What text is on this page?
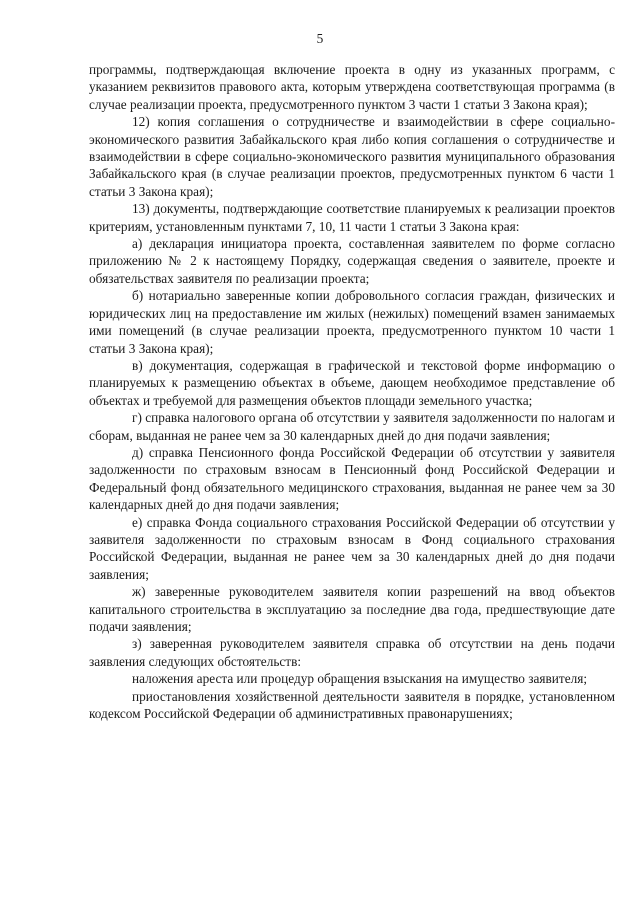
5

программы, подтверждающая включение проекта в одну из указанных программ, с указанием реквизитов правового акта, которым утверждена соответствующая программа (в случае реализации проекта, предусмотренного пунктом 3 части 1 статьи 3 Закона края);

12) копия соглашения о сотрудничестве и взаимодействии в сфере социально-экономического развития Забайкальского края либо копия соглашения о сотрудничестве и взаимодействии в сфере социально-экономического развития муниципального образования Забайкальского края (в случае реализации проектов, предусмотренных пунктом 6 части 1 статьи 3 Закона края);

13) документы, подтверждающие соответствие планируемых к реализации проектов критериям, установленным пунктами 7, 10, 11 части 1 статьи 3 Закона края:

а) декларация инициатора проекта, составленная заявителем по форме согласно приложению № 2 к настоящему Порядку, содержащая сведения о заявителе, проекте и обязательствах заявителя по реализации проекта;

б) нотариально заверенные копии добровольного согласия граждан, физических и юридических лиц на предоставление им жилых (нежилых) помещений взамен занимаемых ими помещений (в случае реализации проекта, предусмотренного пунктом 10 части 1 статьи 3 Закона края);

в) документация, содержащая в графической и текстовой форме информацию о планируемых к размещению объектах в объеме, дающем необходимое представление об объектах и требуемой для размещения объектов площади земельного участка;

г) справка налогового органа об отсутствии у заявителя задолженности по налогам и сборам, выданная не ранее чем за 30 календарных дней до дня подачи заявления;

д) справка Пенсионного фонда Российской Федерации об отсутствии у заявителя задолженности по страховым взносам в Пенсионный фонд Российской Федерации и Федеральный фонд обязательного медицинского страхования, выданная не ранее чем за 30 календарных дней до дня подачи заявления;

е) справка Фонда социального страхования Российской Федерации об отсутствии у заявителя задолженности по страховым взносам в Фонд социального страхования Российской Федерации, выданная не ранее чем за 30 календарных дней до дня подачи заявления;

ж) заверенные руководителем заявителя копии разрешений на ввод объектов капитального строительства в эксплуатацию за последние два года, предшествующие дате подачи заявления;

з) заверенная руководителем заявителя справка об отсутствии на день подачи заявления следующих обстоятельств:

наложения ареста или процедур обращения взыскания на имущество заявителя;

приостановления хозяйственной деятельности заявителя в порядке, установленном кодексом Российской Федерации об административных правонарушениях;
